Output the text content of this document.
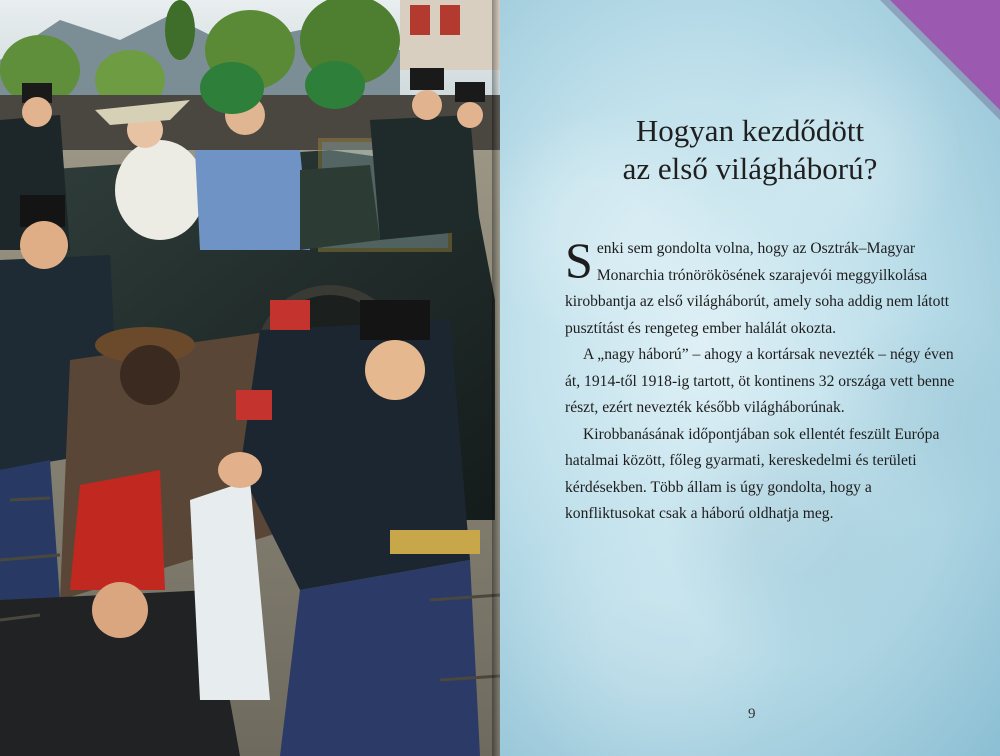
Hogyan kezdődött
az első világháború?

Senki sem gondolta volna, hogy az Osztrák–Magyar Monarchia trónörökösének szarajevói meggyilkolása kirobbantja az első világháborút, amely soha addig nem látott pusztítást és rengeteg ember halálát okozta.

A „nagy háború” – ahogy a kortársak nevezték – négy éven át, 1914-től 1918-ig tartott, öt kontinens 32 országa vett benne részt, ezért nevezték később világháborúnak.

Kirobbanásának időpontjában sok ellentét feszült Európa hatalmai között, főleg gyarmati, kereskedelmi és területi kérdésekben. Több állam is úgy gondolta, hogy a konfliktusokat csak a háború oldhatja meg.

9
